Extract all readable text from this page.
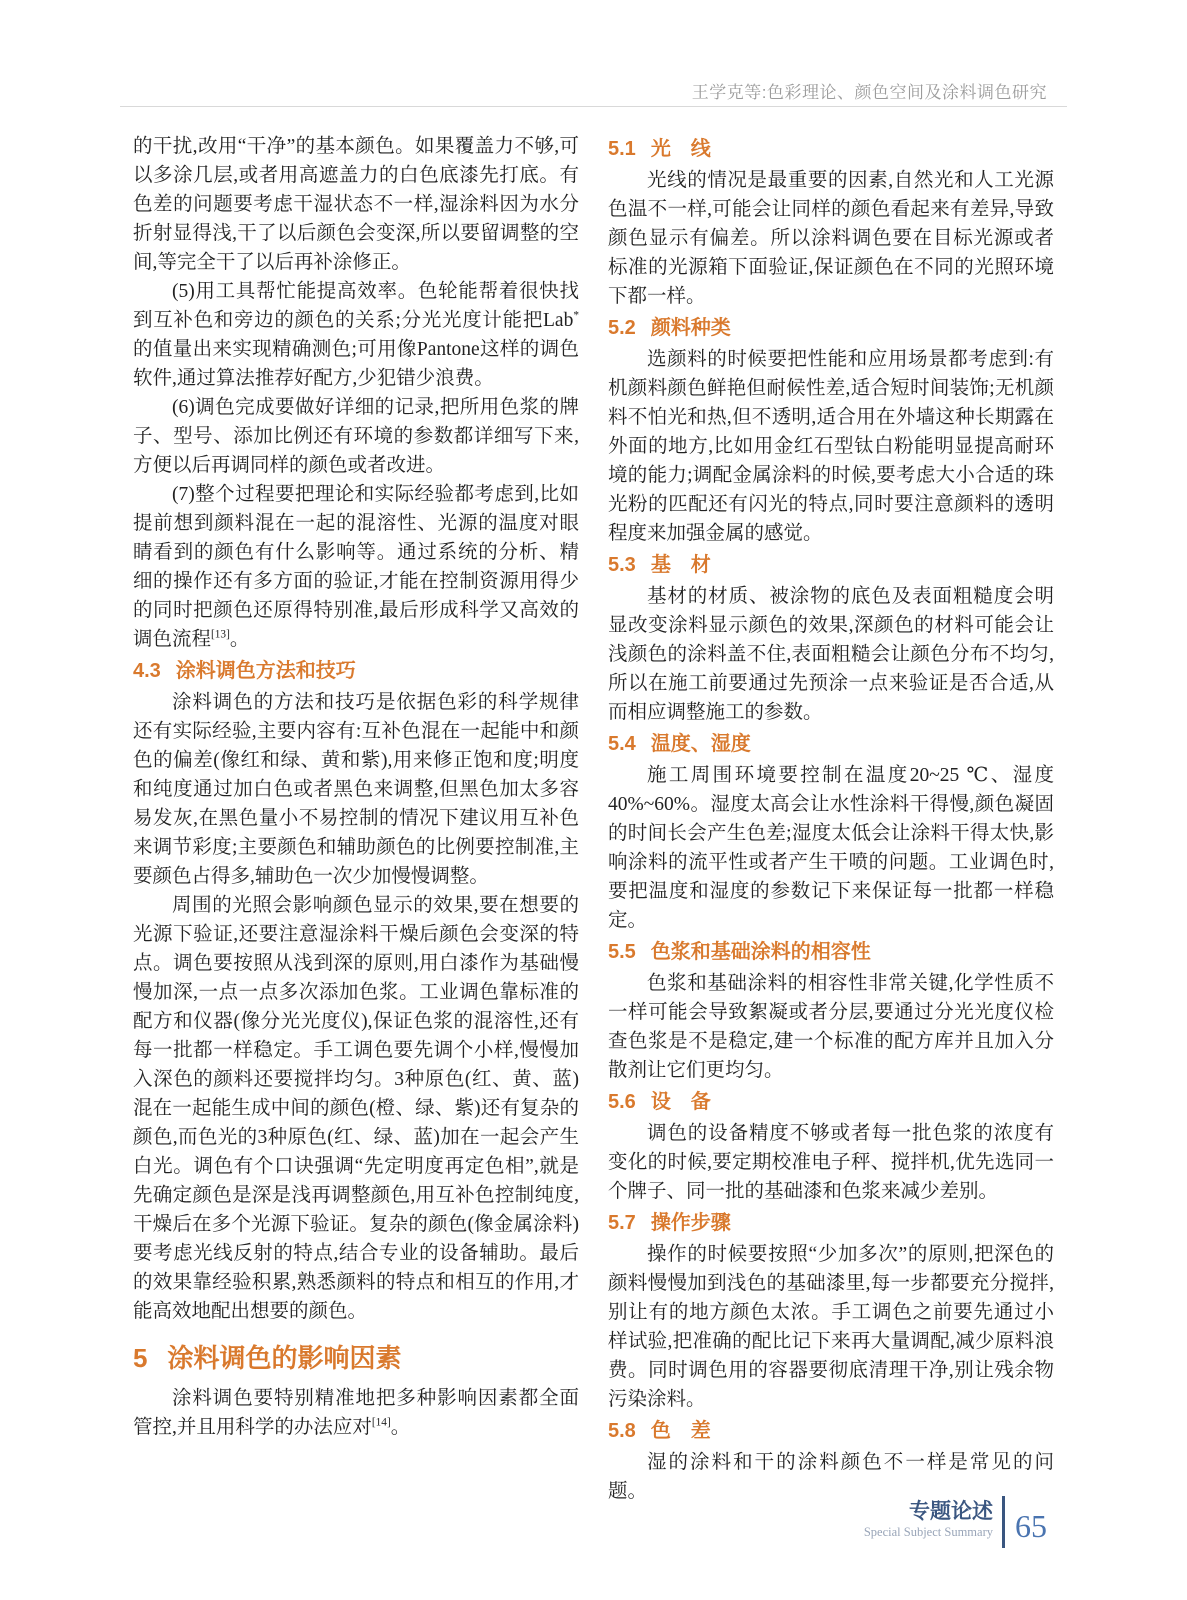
王学克等:色彩理论、颜色空间及涂料调色研究

的干扰,改用“干净”的基本颜色。如果覆盖力不够,可以多涂几层,或者用高遮盖力的白色底漆先打底。有色差的问题要考虑干湿状态不一样,湿涂料因为水分折射显得浅,干了以后颜色会变深,所以要留调整的空间,等完全干了以后再补涂修正。

(5)用工具帮忙能提高效率。色轮能帮着很快找到互补色和旁边的颜色的关系;分光光度计能把Lab*的值量出来实现精确测色;可用像Pantone这样的调色软件,通过算法推荐好配方,少犯错少浪费。

(6)调色完成要做好详细的记录,把所用色浆的牌子、型号、添加比例还有环境的参数都详细写下来,方便以后再调同样的颜色或者改进。

(7)整个过程要把理论和实际经验都考虑到,比如提前想到颜料混在一起的混溶性、光源的温度对眼睛看到的颜色有什么影响等。通过系统的分析、精细的操作还有多方面的验证,才能在控制资源用得少的同时把颜色还原得特别准,最后形成科学又高效的调色流程[13]。

4.3 涂料调色方法和技巧

涂料调色的方法和技巧是依据色彩的科学规律还有实际经验,主要内容有:互补色混在一起能中和颜色的偏差(像红和绿、黄和紫),用来修正饱和度;明度和纯度通过加白色或者黑色来调整,但黑色加太多容易发灰,在黑色量小不易控制的情况下建议用互补色来调节彩度;主要颜色和辅助颜色的比例要控制准,主要颜色占得多,辅助色一次少加慢慢调整。

周围的光照会影响颜色显示的效果,要在想要的光源下验证,还要注意湿涂料干燥后颜色会变深的特点。调色要按照从浅到深的原则,用白漆作为基础慢慢加深,一点一点多次添加色浆。工业调色靠标准的配方和仪器(像分光光度仪),保证色浆的混溶性,还有每一批都一样稳定。手工调色要先调个小样,慢慢加入深色的颜料还要搅拌均匀。3种原色(红、黄、蓝)混在一起能生成中间的颜色(橙、绿、紫)还有复杂的颜色,而色光的3种原色(红、绿、蓝)加在一起会产生白光。调色有个口诀强调“先定明度再定色相”,就是先确定颜色是深是浅再调整颜色,用互补色控制纯度,干燥后在多个光源下验证。复杂的颜色(像金属涂料)要考虑光线反射的特点,结合专业的设备辅助。最后的效果靠经验积累,熟悉颜料的特点和相互的作用,才能高效地配出想要的颜色。

5 涂料调色的影响因素

涂料调色要特别精准地把多种影响因素都全面管控,并且用科学的办法应对[14]。

5.1 光　线

光线的情况是最重要的因素,自然光和人工光源色温不一样,可能会让同样的颜色看起来有差异,导致颜色显示有偏差。所以涂料调色要在目标光源或者标准的光源箱下面验证,保证颜色在不同的光照环境下都一样。

5.2 颜料种类

选颜料的时候要把性能和应用场景都考虑到:有机颜料颜色鲜艳但耐候性差,适合短时间装饰;无机颜料不怕光和热,但不透明,适合用在外墙这种长期露在外面的地方,比如用金红石型钛白粉能明显提高耐环境的能力;调配金属涂料的时候,要考虑大小合适的珠光粉的匹配还有闪光的特点,同时要注意颜料的透明程度来加强金属的感觉。

5.3 基　材

基材的材质、被涂物的底色及表面粗糙度会明显改变涂料显示颜色的效果,深颜色的材料可能会让浅颜色的涂料盖不住,表面粗糙会让颜色分布不均匀,所以在施工前要通过先预涂一点来验证是否合适,从而相应调整施工的参数。

5.4 温度、湿度

施工周围环境要控制在温度20~25 ℃、湿度40%~60%。湿度太高会让水性涂料干得慢,颜色凝固的时间长会产生色差;湿度太低会让涂料干得太快,影响涂料的流平性或者产生干喷的问题。工业调色时,要把温度和湿度的参数记下来保证每一批都一样稳定。

5.5 色浆和基础涂料的相容性

色浆和基础涂料的相容性非常关键,化学性质不一样可能会导致絮凝或者分层,要通过分光光度仪检查色浆是不是稳定,建一个标准的配方库并且加入分散剂让它们更均匀。

5.6 设　备

调色的设备精度不够或者每一批色浆的浓度有变化的时候,要定期校准电子秤、搅拌机,优先选同一个牌子、同一批的基础漆和色浆来减少差别。

5.7 操作步骤

操作的时候要按照“少加多次”的原则,把深色的颜料慢慢加到浅色的基础漆里,每一步都要充分搅拌,别让有的地方颜色太浓。手工调色之前要先通过小样试验,把准确的配比记下来再大量调配,减少原料浪费。同时调色用的容器要彻底清理干净,别让残余物污染涂料。

5.8 色　差

湿的涂料和干的涂料颜色不一样是常见的问题。

专题论述
Special Subject Summary 65
